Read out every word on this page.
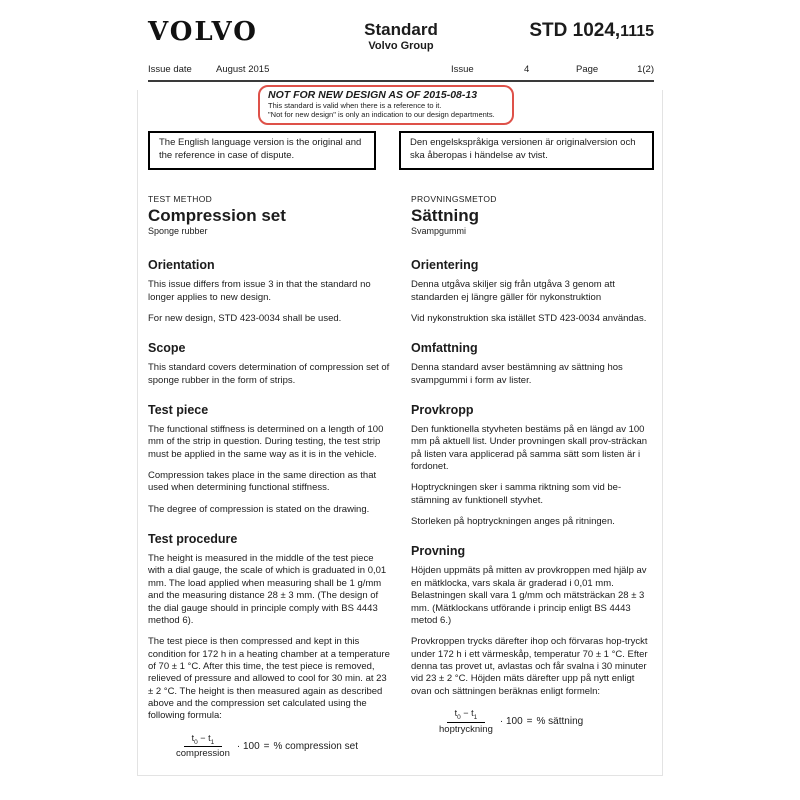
VOLVO	Standard
Volvo Group
STD 1024,1115
Issue date	August 2015	Issue	4	Page	1(2)
NOT FOR NEW DESIGN AS OF 2015-08-13
This standard is valid when there is a reference to it.
"Not for new design" is only an indication to our design departments.
The English language version is the original and the reference in case of dispute.
Den engelskspråkiga versionen är originalversion och ska åberopas i händelse av tvist.
TEST METHOD
Compression set
Sponge rubber
Orientation

This issue differs from issue 3 in that the standard no longer applies to new design.

For new design, STD 423-0034 shall be used.

Scope

This standard covers determination of compression set of sponge rubber in the form of strips.

Test piece

The functional stiffness is determined on a length of 100 mm of the strip in question. During testing, the test strip must be applied in the same way as it is in the vehicle.

Compression takes place in the same direction as that used when determining functional stiffness.

The degree of compression is stated on the drawing.

Test procedure

The height is measured in the middle of the test piece with a dial gauge, the scale of which is graduated in 0,01 mm. The load applied when measuring shall be 1 g/mm and the measuring distance 28 ± 3 mm. (The design of the dial gauge should in principle comply with BS 4443 method 6).

The test piece is then compressed and kept in this condition for 172 h in a heating chamber at a temperature of 70 ± 1 °C. After this time, the test piece is removed, relieved of pressure and allowed to cool for 30 min. at 23 ± 2 °C. The height is then measured again as described above and the compression set calculated using the following formula:

$\frac{t_0 - t_1}{\text{compression}} \cdot 100$ = % compression set
PROVNINGSMETOD
Sättning
Svampgummi
Orientering

Denna utgåva skiljer sig från utgåva 3 genom att standarden ej längre gäller för nykonstruktion

Vid nykonstruktion ska istället STD 423-0034 användas.

Omfattning

Denna standard avser bestämning av sättning hos svampgummi i form av lister.

Provkropp

Den funktionella styvheten bestäms på en längd av 100 mm på aktuell list. Under provningen skall prov-sträckan på listen vara applicerad på samma sätt som listen är i fordonet.

Hoptryckningen sker i samma riktning som vid be-stämning av funktionell styvhet.

Storleken på hoptryckningen anges på ritningen.

Provning

Höjden uppmäts på mitten av provkroppen med hjälp av en mätklocka, vars skala är graderad i 0,01 mm. Belastningen skall vara 1 g/mm och mätsträckan 28 ± 3 mm. (Mätklockans utförande i princip enligt BS 4443 metod 6.)

Provkroppen trycks därefter ihop och förvaras hop-tryckt under 172 h i ett värmeskåp, temperatur 70 ± 1 °C. Efter denna tas provet ut, avlastas och får svalna i 30 minuter vid 23 ± 2 °C. Höjden mäts därefter upp på nytt enligt ovan och sättningen beräknas enligt formeln:

$\frac{t_0 - t_1}{\text{hoptryckning}} \cdot 100$ = % sättning
